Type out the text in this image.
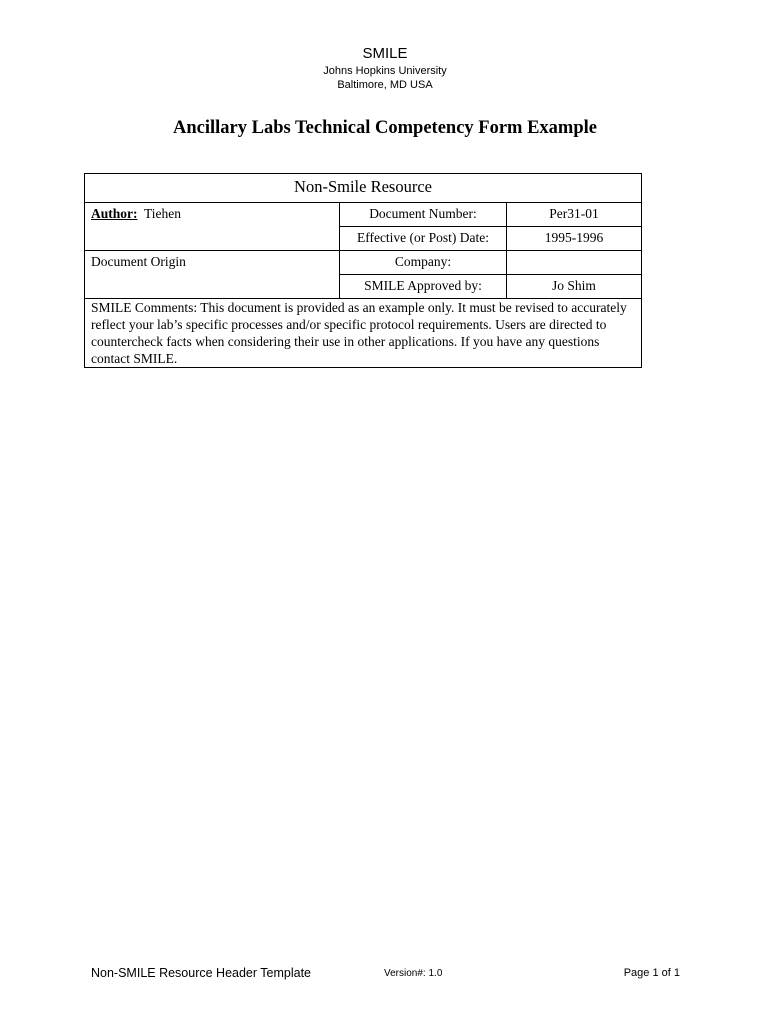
SMILE
Johns Hopkins University
Baltimore, MD USA
Ancillary Labs Technical Competency Form Example
Non-Smile Resource		
Author: Tiehen	Document Number:	Per31-01
	Effective (or Post) Date:	1995-1996
Document Origin	Company:	
	SMILE Approved by:	Jo Shim
SMILE Comments: This document is provided as an example only. It must be revised to accurately reflect your lab’s specific processes and/or specific protocol requirements. Users are directed to countercheck facts when considering their use in other applications. If you have any questions contact SMILE.		
Non-SMILE Resource Header Template	Version#: 1.0	Page 1 of 1
